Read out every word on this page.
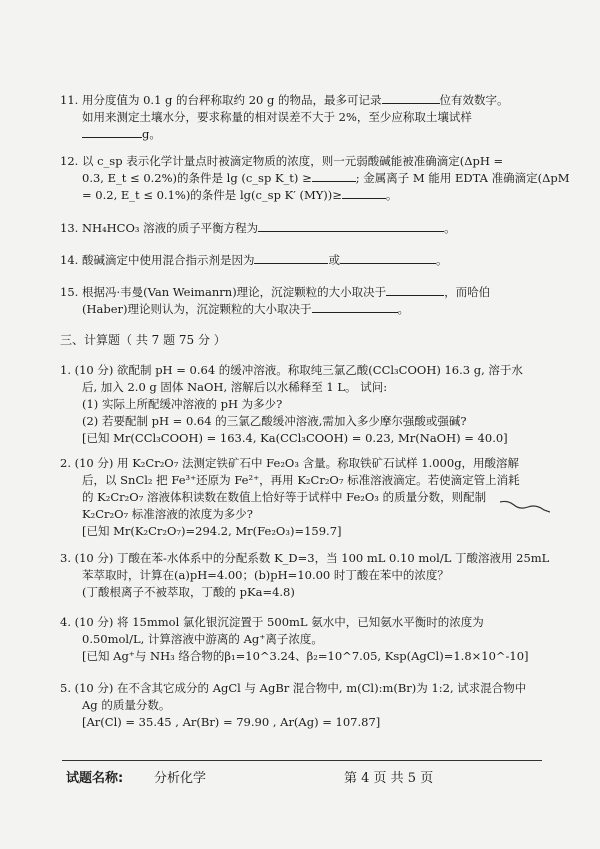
11. 用分度值为 0.1 g 的台秤称取约 20 g 的物品，最多可记录	位有效数字。
如用来测定土壤水分，要求称量的相对误差不大于 2%，至少应称取土壤试样
g。
12. 以 c_sp 表示化学计量点时被滴定物质的浓度，则一元弱酸碱能被准确滴定(ΔpH =
0.3, E_t ≤ 0.2%)的条件是 lg (c_sp K_t) ≥	; 金属离子 M 能用 EDTA 准确滴定(ΔpM
= 0.2, E_t ≤ 0.1%)的条件是 lg(c_sp K′ (MY))≥	。
13. NH₄HCO₃ 溶液的质子平衡方程为	。
14. 酸碱滴定中使用混合指示剂是因为	或	。
15. 根据冯·韦曼(Van Weimanrn)理论，沉淀颗粒的大小取决于	，而哈伯
(Haber)理论则认为，沉淀颗粒的大小取决于	。
三、计算题（ 共 7 题 75 分 ）
1. (10 分) 欲配制 pH = 0.64 的缓冲溶液。称取纯三氯乙酸(CCl₃COOH) 16.3 g, 溶于水
后, 加入 2.0 g 固体 NaOH, 溶解后以水稀释至 1 L。 试问:
(1) 实际上所配缓冲溶液的 pH 为多少?
(2) 若要配制 pH = 0.64 的三氯乙酸缓冲溶液,需加入多少摩尔强酸或强碱?
[已知 Mr(CCl₃COOH) = 163.4, Ka(CCl₃COOH) = 0.23, Mr(NaOH) = 40.0]
2. (10 分) 用 K₂Cr₂O₇ 法测定铁矿石中 Fe₂O₃ 含量。称取铁矿石试样 1.000g，用酸溶解
后，以 SnCl₂ 把 Fe³⁺还原为 Fe²⁺，再用 K₂Cr₂O₇ 标准溶液滴定。若使滴定管上消耗
的 K₂Cr₂O₇ 溶液体积读数在数值上恰好等于试样中 Fe₂O₃ 的质量分数，则配制
K₂Cr₂O₇ 标准溶液的浓度为多少?
[已知 Mr(K₂Cr₂O₇)=294.2, Mr(Fe₂O₃)=159.7]
3. (10 分) 丁酸在苯-水体系中的分配系数 K_D=3，当 100 mL 0.10 mol/L 丁酸溶液用 25mL
苯萃取时，计算在(a)pH=4.00；(b)pH=10.00 时丁酸在苯中的浓度？
(丁酸根离子不被萃取，丁酸的 pKa=4.8)
4. (10 分) 将 15mmol 氯化银沉淀置于 500mL 氨水中，已知氨水平衡时的浓度为
0.50mol/L, 计算溶液中游离的 Ag⁺离子浓度。
[已知 Ag⁺与 NH₃ 络合物的β₁=10^3.24、β₂=10^7.05, Ksp(AgCl)=1.8×10^-10]
5. (10 分) 在不含其它成分的 AgCl 与 AgBr 混合物中, m(Cl):m(Br)为 1:2, 试求混合物中
Ag 的质量分数。
[Ar(Cl) = 35.45 , Ar(Br) = 79.90 , Ar(Ag) = 107.87]
试题名称: 分析化学	第 4 页 共 5 页
